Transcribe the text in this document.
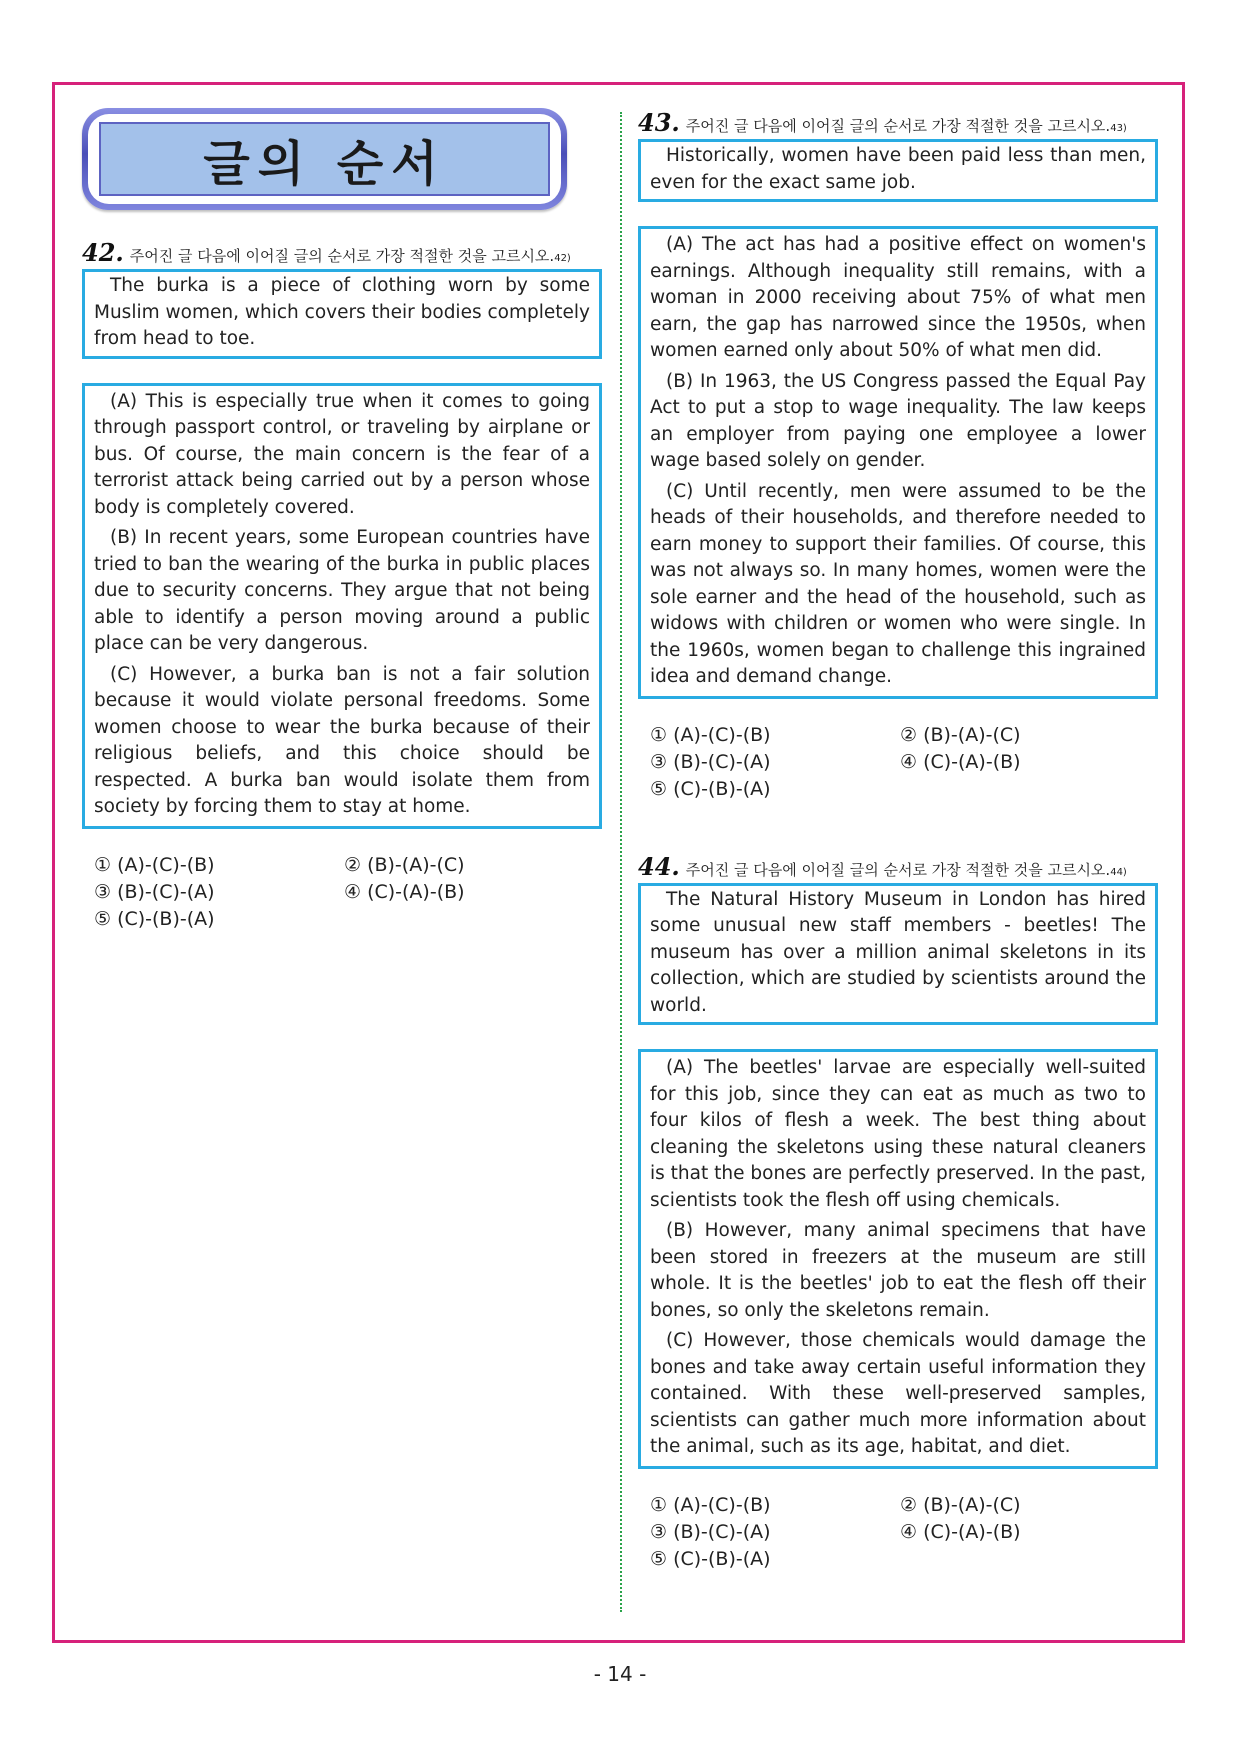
글의 순서
42. 주어진 글 다음에 이어질 글의 순서로 가장 적절한 것을 고르시오. 42)

The burka is a piece of clothing worn by some Muslim women, which covers their bodies completely from head to toe.

(A) This is especially true when it comes to going through passport control, or traveling by airplane or bus. Of course, the main concern is the fear of a terrorist attack being carried out by a person whose body is completely covered.

(B) In recent years, some European countries have tried to ban the wearing of the burka in public places due to security concerns. They argue that not being able to identify a person moving around a public place can be very dangerous.

(C) However, a burka ban is not a fair solution because it would violate personal freedoms. Some women choose to wear the burka because of their religious beliefs, and this choice should be respected. A burka ban would isolate them from society by forcing them to stay at home.

① (A)-(C)-(B)	② (B)-(A)-(C)
③ (B)-(C)-(A)	④ (C)-(A)-(B)
⑤ (C)-(B)-(A)
43. 주어진 글 다음에 이어질 글의 순서로 가장 적절한 것을 고르시오. 43)

Historically, women have been paid less than men, even for the exact same job.

(A) The act has had a positive effect on women's earnings. Although inequality still remains, with a woman in 2000 receiving about 75% of what men earn, the gap has narrowed since the 1950s, when women earned only about 50% of what men did.

(B) In 1963, the US Congress passed the Equal Pay Act to put a stop to wage inequality. The law keeps an employer from paying one employee a lower wage based solely on gender.

(C) Until recently, men were assumed to be the heads of their households, and therefore needed to earn money to support their families. Of course, this was not always so. In many homes, women were the sole earner and the head of the household, such as widows with children or women who were single. In the 1960s, women began to challenge this ingrained idea and demand change.

① (A)-(C)-(B)	② (B)-(A)-(C)
③ (B)-(C)-(A)	④ (C)-(A)-(B)
⑤ (C)-(B)-(A)
44. 주어진 글 다음에 이어질 글의 순서로 가장 적절한 것을 고르시오. 44)

The Natural History Museum in London has hired some unusual new staff members - beetles! The museum has over a million animal skeletons in its collection, which are studied by scientists around the world.

(A) The beetles' larvae are especially well-suited for this job, since they can eat as much as two to four kilos of flesh a week. The best thing about cleaning the skeletons using these natural cleaners is that the bones are perfectly preserved. In the past, scientists took the flesh off using chemicals.

(B) However, many animal specimens that have been stored in freezers at the museum are still whole. It is the beetles' job to eat the flesh off their bones, so only the skeletons remain.

(C) However, those chemicals would damage the bones and take away certain useful information they contained. With these well-preserved samples, scientists can gather much more information about the animal, such as its age, habitat, and diet.

① (A)-(C)-(B)	② (B)-(A)-(C)
③ (B)-(C)-(A)	④ (C)-(A)-(B)
⑤ (C)-(B)-(A)
- 14 -
